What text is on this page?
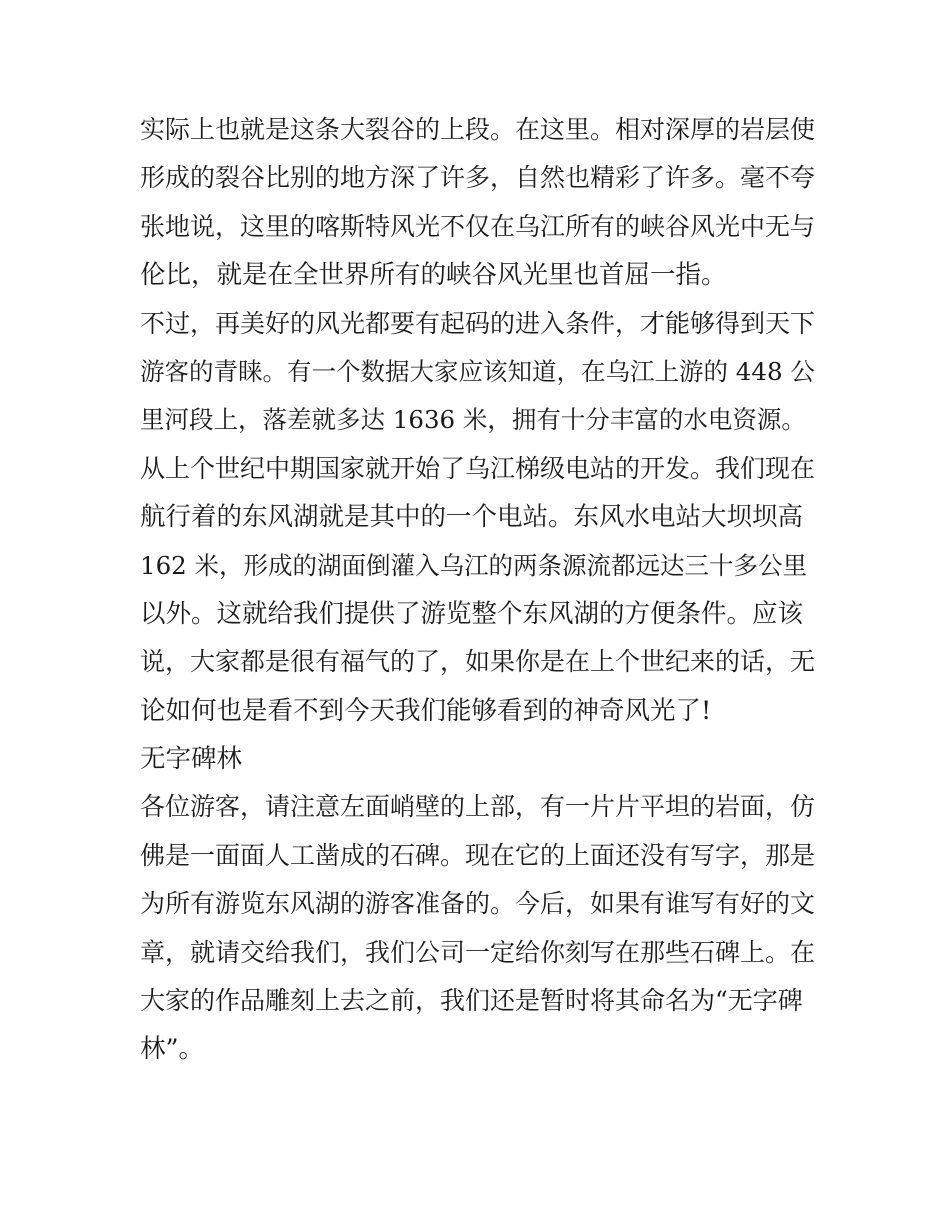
实际上也就是这条大裂谷的上段。在这里。相对深厚的岩层使
形成的裂谷比别的地方深了许多，自然也精彩了许多。毫不夸
张地说，这里的喀斯特风光不仅在乌江所有的峡谷风光中无与
伦比，就是在全世界所有的峡谷风光里也首屈一指。
不过，再美好的风光都要有起码的进入条件，才能够得到天下
游客的青睐。有一个数据大家应该知道，在乌江上游的 448 公
里河段上，落差就多达 1636 米，拥有十分丰富的水电资源。
从上个世纪中期国家就开始了乌江梯级电站的开发。我们现在
航行着的东风湖就是其中的一个电站。东风水电站大坝坝高
162 米，形成的湖面倒灌入乌江的两条源流都远达三十多公里
以外。这就给我们提供了游览整个东风湖的方便条件。应该
说，大家都是很有福气的了，如果你是在上个世纪来的话，无
论如何也是看不到今天我们能够看到的神奇风光了!
无字碑林
各位游客，请注意左面峭壁的上部，有一片片平坦的岩面，仿
佛是一面面人工凿成的石碑。现在它的上面还没有写字，那是
为所有游览东风湖的游客准备的。今后，如果有谁写有好的文
章，就请交给我们，我们公司一定给你刻写在那些石碑上。在
大家的作品雕刻上去之前，我们还是暂时将其命名为“无字碑
林”。
